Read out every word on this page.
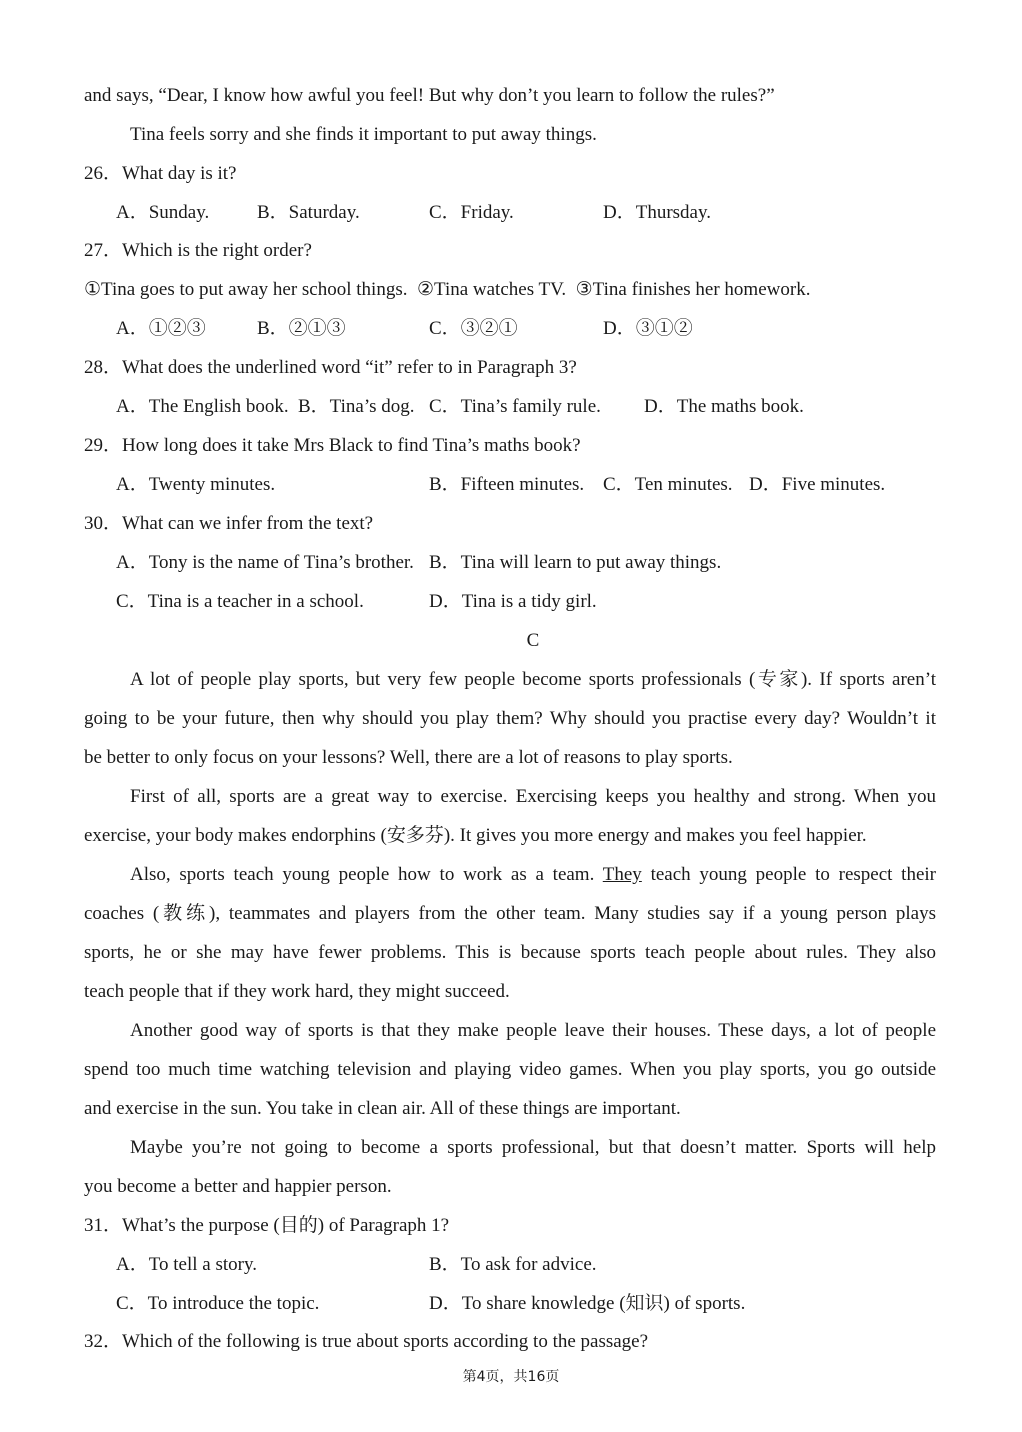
and says, “Dear, I know how awful you feel! But why don’t you learn to follow the rules?”
Tina feels sorry and she finds it important to put away things.
26．What day is it?
A．Sunday.	B．Saturday.	C．Friday.	D．Thursday.
27．Which is the right order?
①Tina goes to put away her school things.  ②Tina watches TV.  ③Tina finishes her homework.
A．①②③	B．②①③	C．③②①	D．③①②
28．What does the underlined word “it” refer to in Paragraph 3?
A．The English book. B．Tina’s dog. C．Tina’s family rule. D．The maths book.
29．How long does it take Mrs Black to find Tina’s maths book?
A．Twenty minutes.	B．Fifteen minutes. C．Ten minutes. D．Five minutes.
30．What can we infer from the text?
A．Tony is the name of Tina’s brother. B．Tina will learn to put away things.
C．Tina is a teacher in a school.	D．Tina is a tidy girl.
C
A lot of people play sports, but very few people become sports professionals (专家). If sports aren’t
going to be your future, then why should you play them? Why should you practise every day? Wouldn’t it
be better to only focus on your lessons? Well, there are a lot of reasons to play sports.
First of all, sports are a great way to exercise. Exercising keeps you healthy and strong. When you
exercise, your body makes endorphins (安多芬). It gives you more energy and makes you feel happier.
Also, sports teach young people how to work as a team. They teach young people to respect their
coaches (教练), teammates and players from the other team. Many studies say if a young person plays
sports, he or she may have fewer problems. This is because sports teach people about rules. They also
teach people that if they work hard, they might succeed.
Another good way of sports is that they make people leave their houses. These days, a lot of people
spend too much time watching television and playing video games. When you play sports, you go outside
and exercise in the sun. You take in clean air. All of these things are important.
Maybe you’re not going to become a sports professional, but that doesn’t matter. Sports will help
you become a better and happier person.
31．What’s the purpose (目的) of Paragraph 1?
A．To tell a story.	B．To ask for advice.
C．To introduce the topic.	D．To share knowledge (知识) of sports.
32．Which of the following is true about sports according to the passage?
第4页，共16页
